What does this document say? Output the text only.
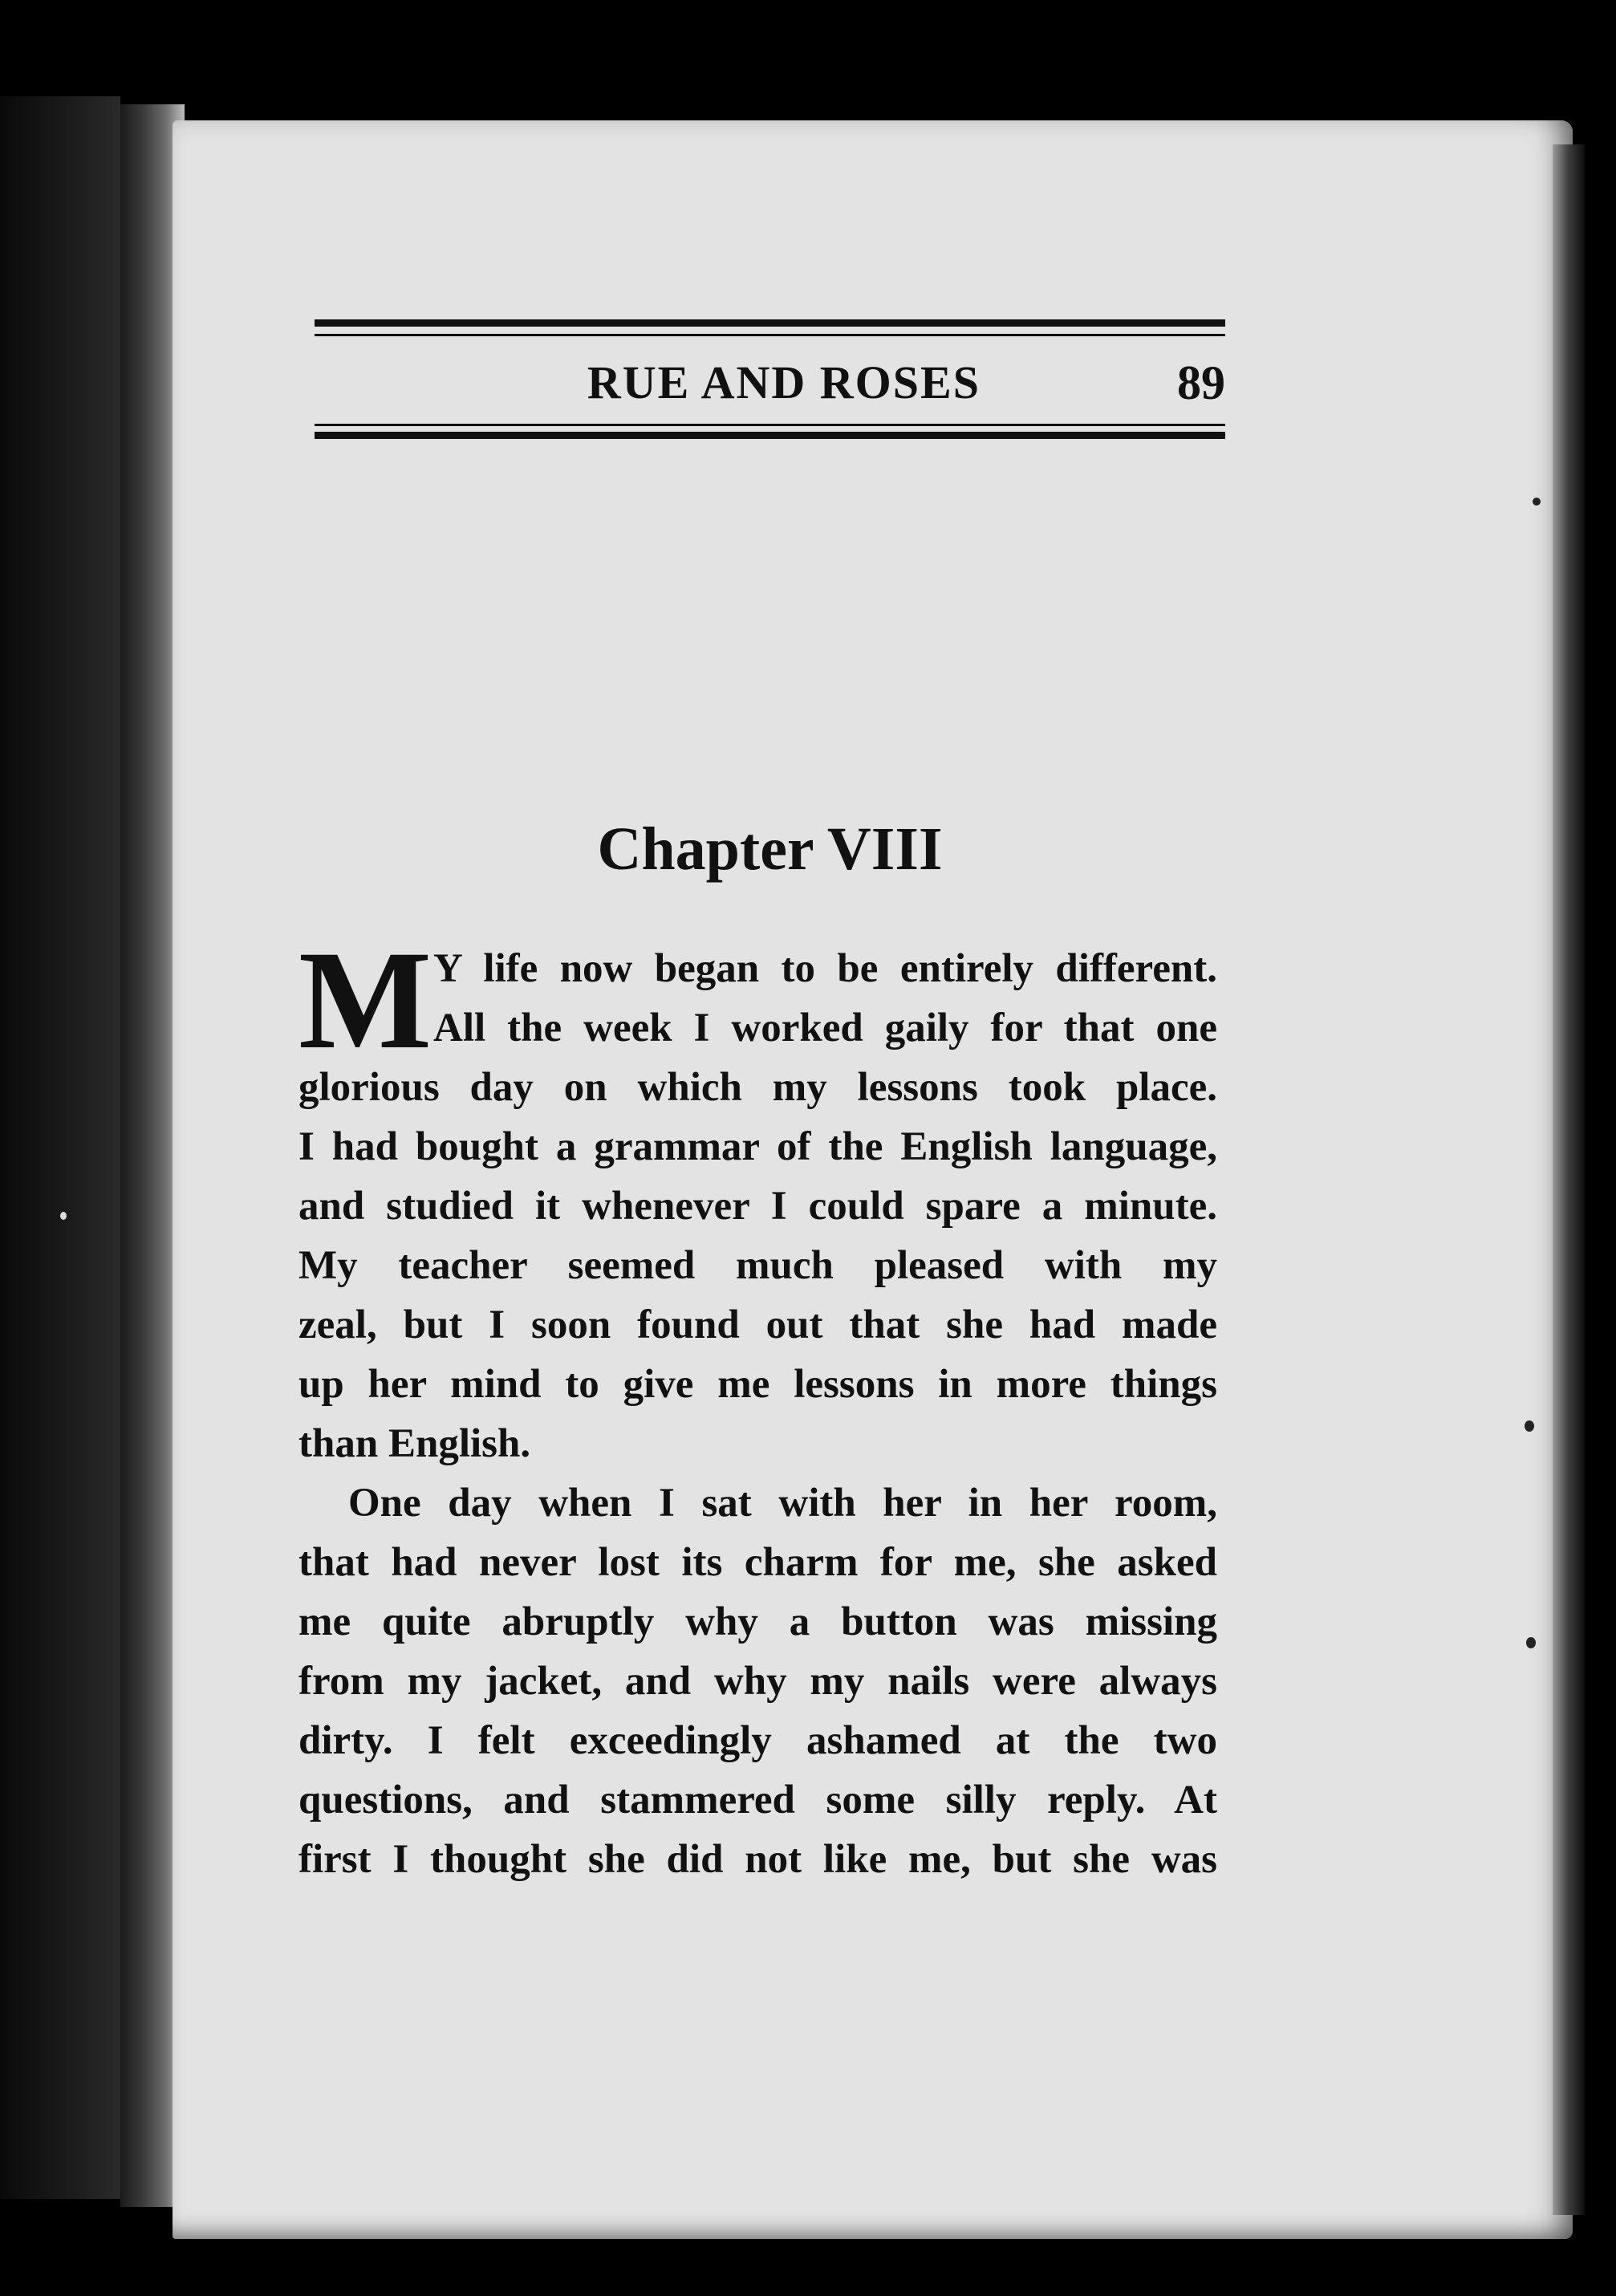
RUE AND ROSES	89
Chapter VIII
M Y life now began to be entirely different.
All the week I worked gaily for that one
glorious day on which my lessons took place.
I had bought a grammar of the English language,
and studied it whenever I could spare a minute.
My teacher seemed much pleased with my
zeal, but I soon found out that she had made
up her mind to give me lessons in more things
than English.
One day when I sat with her in her room,
that had never lost its charm for me, she asked
me quite abruptly why a button was missing
from my jacket, and why my nails were always
dirty. I felt exceedingly ashamed at the two
questions, and stammered some silly reply. At
first I thought she did not like me, but she was
